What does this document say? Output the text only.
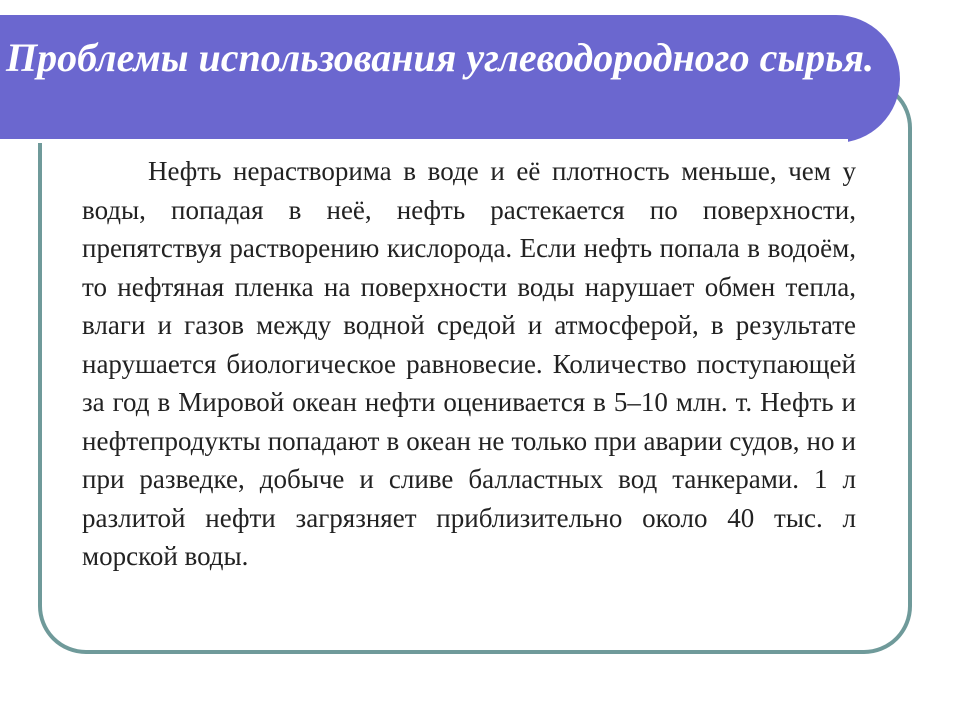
Проблемы использования углеводородного сырья.

Нефть нерастворима в воде и её плотность меньше, чем у воды, попадая в неё, нефть растекается по поверхности, препятствуя растворению кислорода. Если нефть попала в водоём, то нефтяная пленка на поверхности воды нарушает обмен тепла, влаги и газов между водной средой и атмосферой, в результате нарушается биологическое равновесие. Количество поступающей за год в Мировой океан нефти оценивается в 5–10 млн. т. Нефть и нефтепродукты попадают в океан не только при аварии судов, но и при разведке, добыче и сливе балластных вод танкерами. 1 л разлитой нефти загрязняет приблизительно около 40 тыс. л морской воды.
